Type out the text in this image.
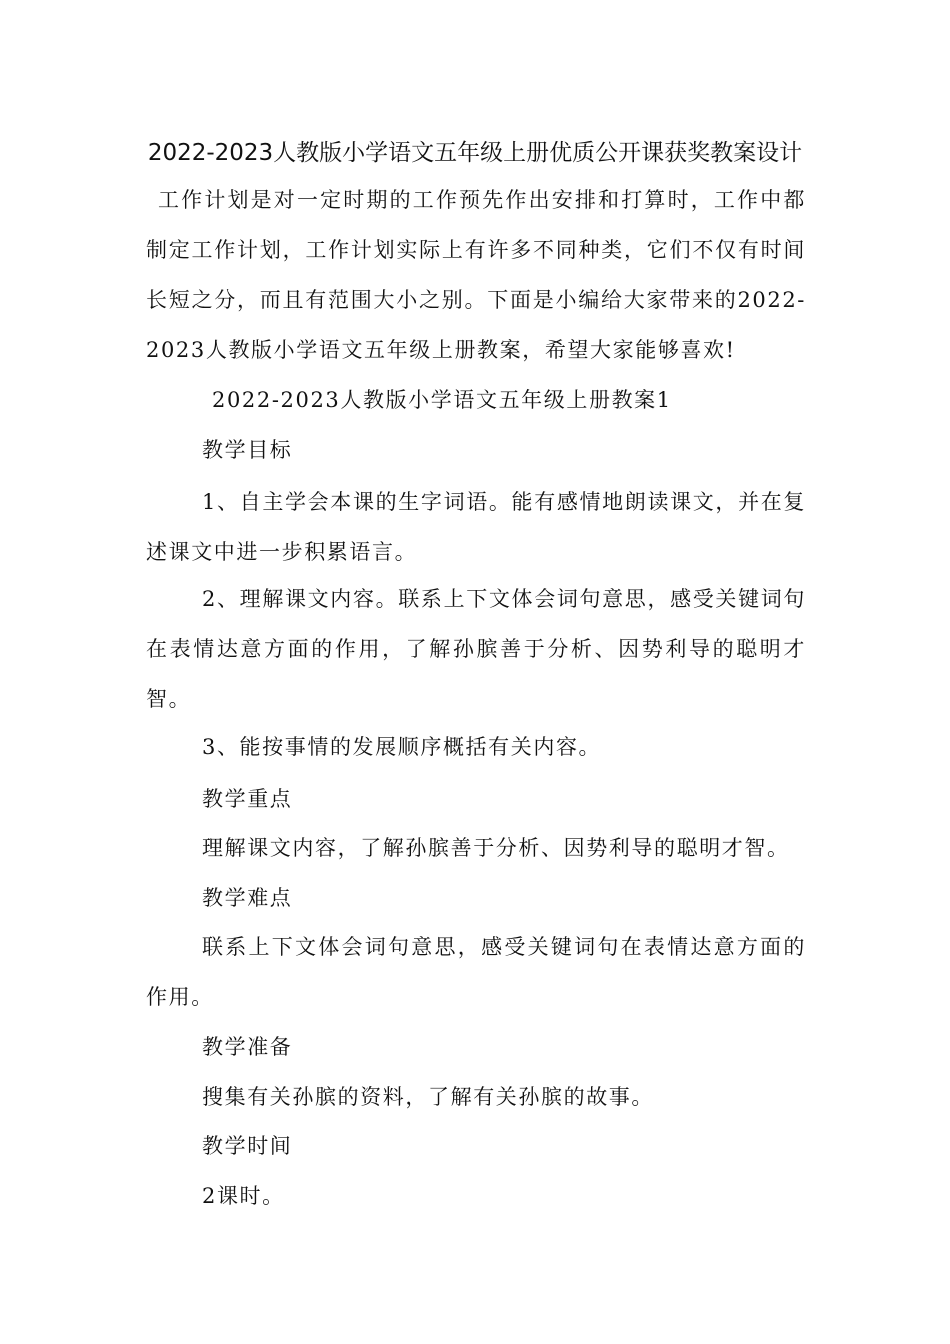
2022-2023人教版小学语文五年级上册优质公开课获奖教案设计
工作计划是对一定时期的工作预先作出安排和打算时，工作中都制定工作计划，工作计划实际上有许多不同种类，它们不仅有时间长短之分，而且有范围大小之别。下面是小编给大家带来的2022-2023人教版小学语文五年级上册教案，希望大家能够喜欢!
2022-2023人教版小学语文五年级上册教案1
教学目标
1、自主学会本课的生字词语。能有感情地朗读课文，并在复述课文中进一步积累语言。
2、理解课文内容。联系上下文体会词句意思，感受关键词句在表情达意方面的作用，了解孙膑善于分析、因势利导的聪明才智。
3、能按事情的发展顺序概括有关内容。
教学重点
理解课文内容，了解孙膑善于分析、因势利导的聪明才智。
教学难点
联系上下文体会词句意思，感受关键词句在表情达意方面的作用。
教学准备
搜集有关孙膑的资料，了解有关孙膑的故事。
教学时间
2课时。
